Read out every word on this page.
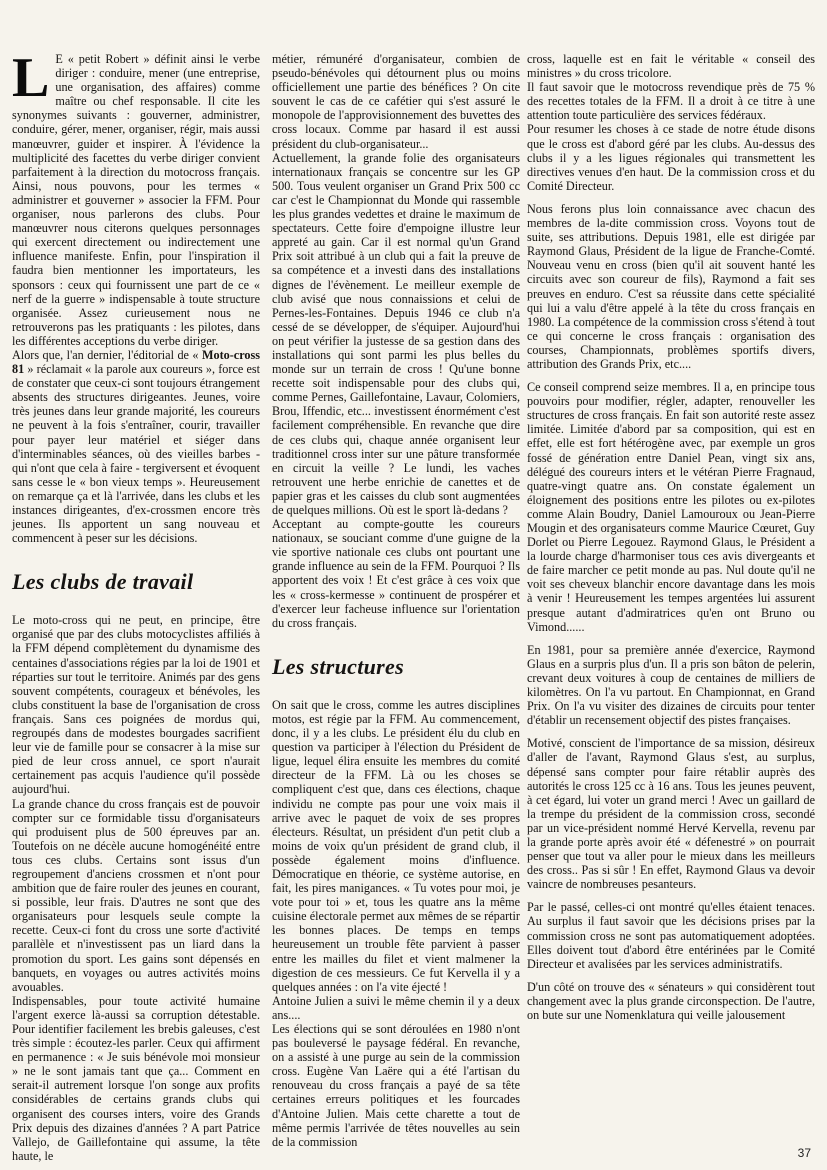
L E « petit Robert » définit ainsi le verbe diriger : conduire, mener (une entreprise, une organisation, des affaires) comme maître ou chef responsable. Il cite les synonymes suivants : gouverner, administrer, conduire, gérer, mener, organiser, régir, mais aussi manœuvrer, guider et inspirer. À l'évidence la multiplicité des facettes du verbe diriger convient parfaitement à la direction du motocross français. Ainsi, nous pouvons, pour les termes « administrer et gouverner » associer la FFM. Pour organiser, nous parlerons des clubs. Pour manœuvrer nous citerons quelques personnages qui exercent directement ou indirectement une influence manifeste. Enfin, pour l'inspiration il faudra bien mentionner les importateurs, les sponsors : ceux qui fournissent une part de ce « nerf de la guerre » indispensable à toute structure organisée. Assez curieusement nous ne retrouverons pas les pratiquants : les pilotes, dans les différentes acceptions du verbe diriger.

Alors que, l'an dernier, l'éditorial de « Moto-cross 81 » réclamait « la parole aux coureurs », force est de constater que ceux-ci sont toujours étrangement absents des structures dirigeantes. Jeunes, voire très jeunes dans leur grande majorité, les coureurs ne peuvent à la fois s'entraîner, courir, travailler pour payer leur matériel et siéger dans d'interminables séances, où des vieilles barbes - qui n'ont que cela à faire - tergiversent et évoquent sans cesse le « bon vieux temps ». Heureusement on remarque ça et là l'arrivée, dans les clubs et les instances dirigeantes, d'ex-crossmen encore très jeunes. Ils apportent un sang nouveau et commencent à peser sur les décisions.

Les clubs de travail

Le moto-cross qui ne peut, en principe, être organisé que par des clubs motocyclistes affiliés à la FFM dépend complètement du dynamisme des centaines d'associations régies par la loi de 1901 et réparties sur tout le territoire. Animés par des gens souvent compétents, courageux et bénévoles, les clubs constituent la base de l'organisation de cross français. Sans ces poignées de mordus qui, regroupés dans de modestes bourgades sacrifient leur vie de famille pour se consacrer à la mise sur pied de leur cross annuel, ce sport n'aurait certainement pas acquis l'audience qu'il possède aujourd'hui.

La grande chance du cross français est de pouvoir compter sur ce formidable tissu d'organisateurs qui produisent plus de 500 épreuves par an. Toutefois on ne décèle aucune homogénéité entre tous ces clubs. Certains sont issus d'un regroupement d'anciens crossmen et n'ont pour ambition que de faire rouler des jeunes en courant, si possible, leur frais. D'autres ne sont que des organisateurs pour lesquels seule compte la recette. Ceux-ci font du cross une sorte d'activité parallèle et n'investissent pas un liard dans la promotion du sport. Les gains sont dépensés en banquets, en voyages ou autres activités moins avouables.

Indispensables, pour toute activité humaine l'argent exerce là-aussi sa corruption détestable. Pour identifier facilement les brebis galeuses, c'est très simple : écoutez-les parler. Ceux qui affirment en permanence : « Je suis bénévole moi monsieur » ne le sont jamais tant que ça... Comment en serait-il autrement lorsque l'on songe aux profits considérables de certains grands clubs qui organisent des courses inters, voire des Grands Prix depuis des dizaines d'années ? A part Patrice Vallejo, de Gaillefontaine qui assume, la tête haute, le

métier, rémunéré d'organisateur, combien de pseudo-bénévoles qui détournent plus ou moins officiellement une partie des bénéfices ? On cite souvent le cas de ce cafétier qui s'est assuré le monopole de l'approvisionnement des buvettes des cross locaux. Comme par hasard il est aussi président du club-organisateur...

Actuellement, la grande folie des organisateurs internationaux français se concentre sur les GP 500. Tous veulent organiser un Grand Prix 500 cc car c'est le Championnat du Monde qui rassemble les plus grandes vedettes et draine le maximum de spectateurs. Cette foire d'empoigne illustre leur appreté au gain. Car il est normal qu'un Grand Prix soit attribué à un club qui a fait la preuve de sa compétence et a investi dans des installations dignes de l'évènement. Le meilleur exemple de club avisé que nous connaissions et celui de Pernes-les-Fontaines. Depuis 1946 ce club n'a cessé de se développer, de s'équiper. Aujourd'hui on peut vérifier la justesse de sa gestion dans des installations qui sont parmi les plus belles du monde sur un terrain de cross ! Qu'une bonne recette soit indispensable pour des clubs qui, comme Pernes, Gaillefontaine, Lavaur, Colomiers, Brou, Iffendic, etc... investissent énormément c'est facilement compréhensible. En revanche que dire de ces clubs qui, chaque année organisent leur traditionnel cross inter sur une pâture transformée en circuit la veille ? Le lundi, les vaches retrouvent une herbe enrichie de canettes et de papier gras et les caisses du club sont augmentées de quelques millions. Où est le sport là-dedans ?

Acceptant au compte-goutte les coureurs nationaux, se souciant comme d'une guigne de la vie sportive nationale ces clubs ont pourtant une grande influence au sein de la FFM. Pourquoi ? Ils apportent des voix ! Et c'est grâce à ces voix que les « cross-kermesse » continuent de prospérer et d'exercer leur facheuse influence sur l'orientation du cross français.

Les structures

On sait que le cross, comme les autres disciplines motos, est régie par la FFM. Au commencement, donc, il y a les clubs. Le président élu du club en question va participer à l'élection du Président de ligue, lequel élira ensuite les membres du comité directeur de la FFM. Là ou les choses se compliquent c'est que, dans ces élections, chaque individu ne compte pas pour une voix mais il arrive avec le paquet de voix de ses propres électeurs. Résultat, un président d'un petit club a moins de voix qu'un président de grand club, il possède également moins d'influence. Démocratique en théorie, ce système autorise, en fait, les pires manigances. « Tu votes pour moi, je vote pour toi » et, tous les quatre ans la même cuisine électorale permet aux mêmes de se répartir les bonnes places. De temps en temps heureusement un trouble fête parvient à passer entre les mailles du filet et vient malmener la digestion de ces messieurs. Ce fut Kervella il y a quelques années : on l'a vite éjecté !

Antoine Julien a suivi le même chemin il y a deux ans....

Les élections qui se sont déroulées en 1980 n'ont pas bouleversé le paysage fédéral. En revanche, on a assisté à une purge au sein de la commission cross. Eugène Van Laëre qui a été l'artisan du renouveau du cross français a payé de sa tête certaines erreurs politiques et les fourcades d'Antoine Julien. Mais cette charette a tout de même permis l'arrivée de têtes nouvelles au sein de la commission

cross, laquelle est en fait le véritable « conseil des ministres » du cross tricolore.

Il faut savoir que le motocross revendique près de 75 % des recettes totales de la FFM. Il a droit à ce titre à une attention toute particulière des services fédéraux.

Pour resumer les choses à ce stade de notre étude disons que le cross est d'abord géré par les clubs. Au-dessus des clubs il y a les ligues régionales qui transmettent les directives venues d'en haut. De la commission cross et du Comité Directeur.

Nous ferons plus loin connaissance avec chacun des membres de la-dite commission cross. Voyons tout de suite, ses attributions. Depuis 1981, elle est dirigée par Raymond Glaus, Président de la ligue de Franche-Comté. Nouveau venu en cross (bien qu'il ait souvent hanté les circuits avec son coureur de fils), Raymond a fait ses preuves en enduro. C'est sa réussite dans cette spécialité qui lui a valu d'être appelé à la tête du cross français en 1980. La compétence de la commission cross s'étend à tout ce qui concerne le cross français : organisation des courses, Championnats, problèmes sportifs divers, attribution des Grands Prix, etc....

Ce conseil comprend seize membres. Il a, en principe tous pouvoirs pour modifier, régler, adapter, renouveller les structures de cross français. En fait son autorité reste assez limitée. Limitée d'abord par sa composition, qui est en effet, elle est fort hétérogène avec, par exemple un gros fossé de génération entre Daniel Pean, vingt six ans, délégué des coureurs inters et le vétéran Pierre Fragnaud, quatre-vingt quatre ans. On constate également un éloignement des positions entre les pilotes ou ex-pilotes comme Alain Boudry, Daniel Lamouroux ou Jean-Pierre Mougin et des organisateurs comme Maurice Cœuret, Guy Dorlet ou Pierre Legouez. Raymond Glaus, le Président a la lourde charge d'harmoniser tous ces avis divergeants et de faire marcher ce petit monde au pas. Nul doute qu'il ne voit ses cheveux blanchir encore davantage dans les mois à venir ! Heureusement les tempes argentées lui assurent presque autant d'admiratrices qu'en ont Bruno ou Vimond......

En 1981, pour sa première année d'exercice, Raymond Glaus en a surpris plus d'un. Il a pris son bâton de pelerin, crevant deux voitures à coup de centaines de milliers de kilomètres. On l'a vu partout. En Championnat, en Grand Prix. On l'a vu visiter des dizaines de circuits pour tenter d'établir un recensement objectif des pistes françaises.

Motivé, conscient de l'importance de sa mission, désireux d'aller de l'avant, Raymond Glaus s'est, au surplus, dépensé sans compter pour faire rétablir auprès des autorités le cross 125 cc à 16 ans. Tous les jeunes peuvent, à cet égard, lui voter un grand merci ! Avec un gaillard de la trempe du président de la commission cross, secondé par un vice-président nommé Hervé Kervella, revenu par la grande porte après avoir été « défenestré » on pourrait penser que tout va aller pour le mieux dans les meilleurs des cross.. Pas si sûr ! En effet, Raymond Glaus va devoir vaincre de nombreuses pesanteurs.

Par le passé, celles-ci ont montré qu'elles étaient tenaces. Au surplus il faut savoir que les décisions prises par la commission cross ne sont pas automatiquement adoptées. Elles doivent tout d'abord être entérinées par le Comité Directeur et avalisées par les services administratifs.

D'un côté on trouve des « sénateurs » qui considèrent tout changement avec la plus grande circonspection. De l'autre, on bute sur une Nomenklatura qui veille jalousement

37
